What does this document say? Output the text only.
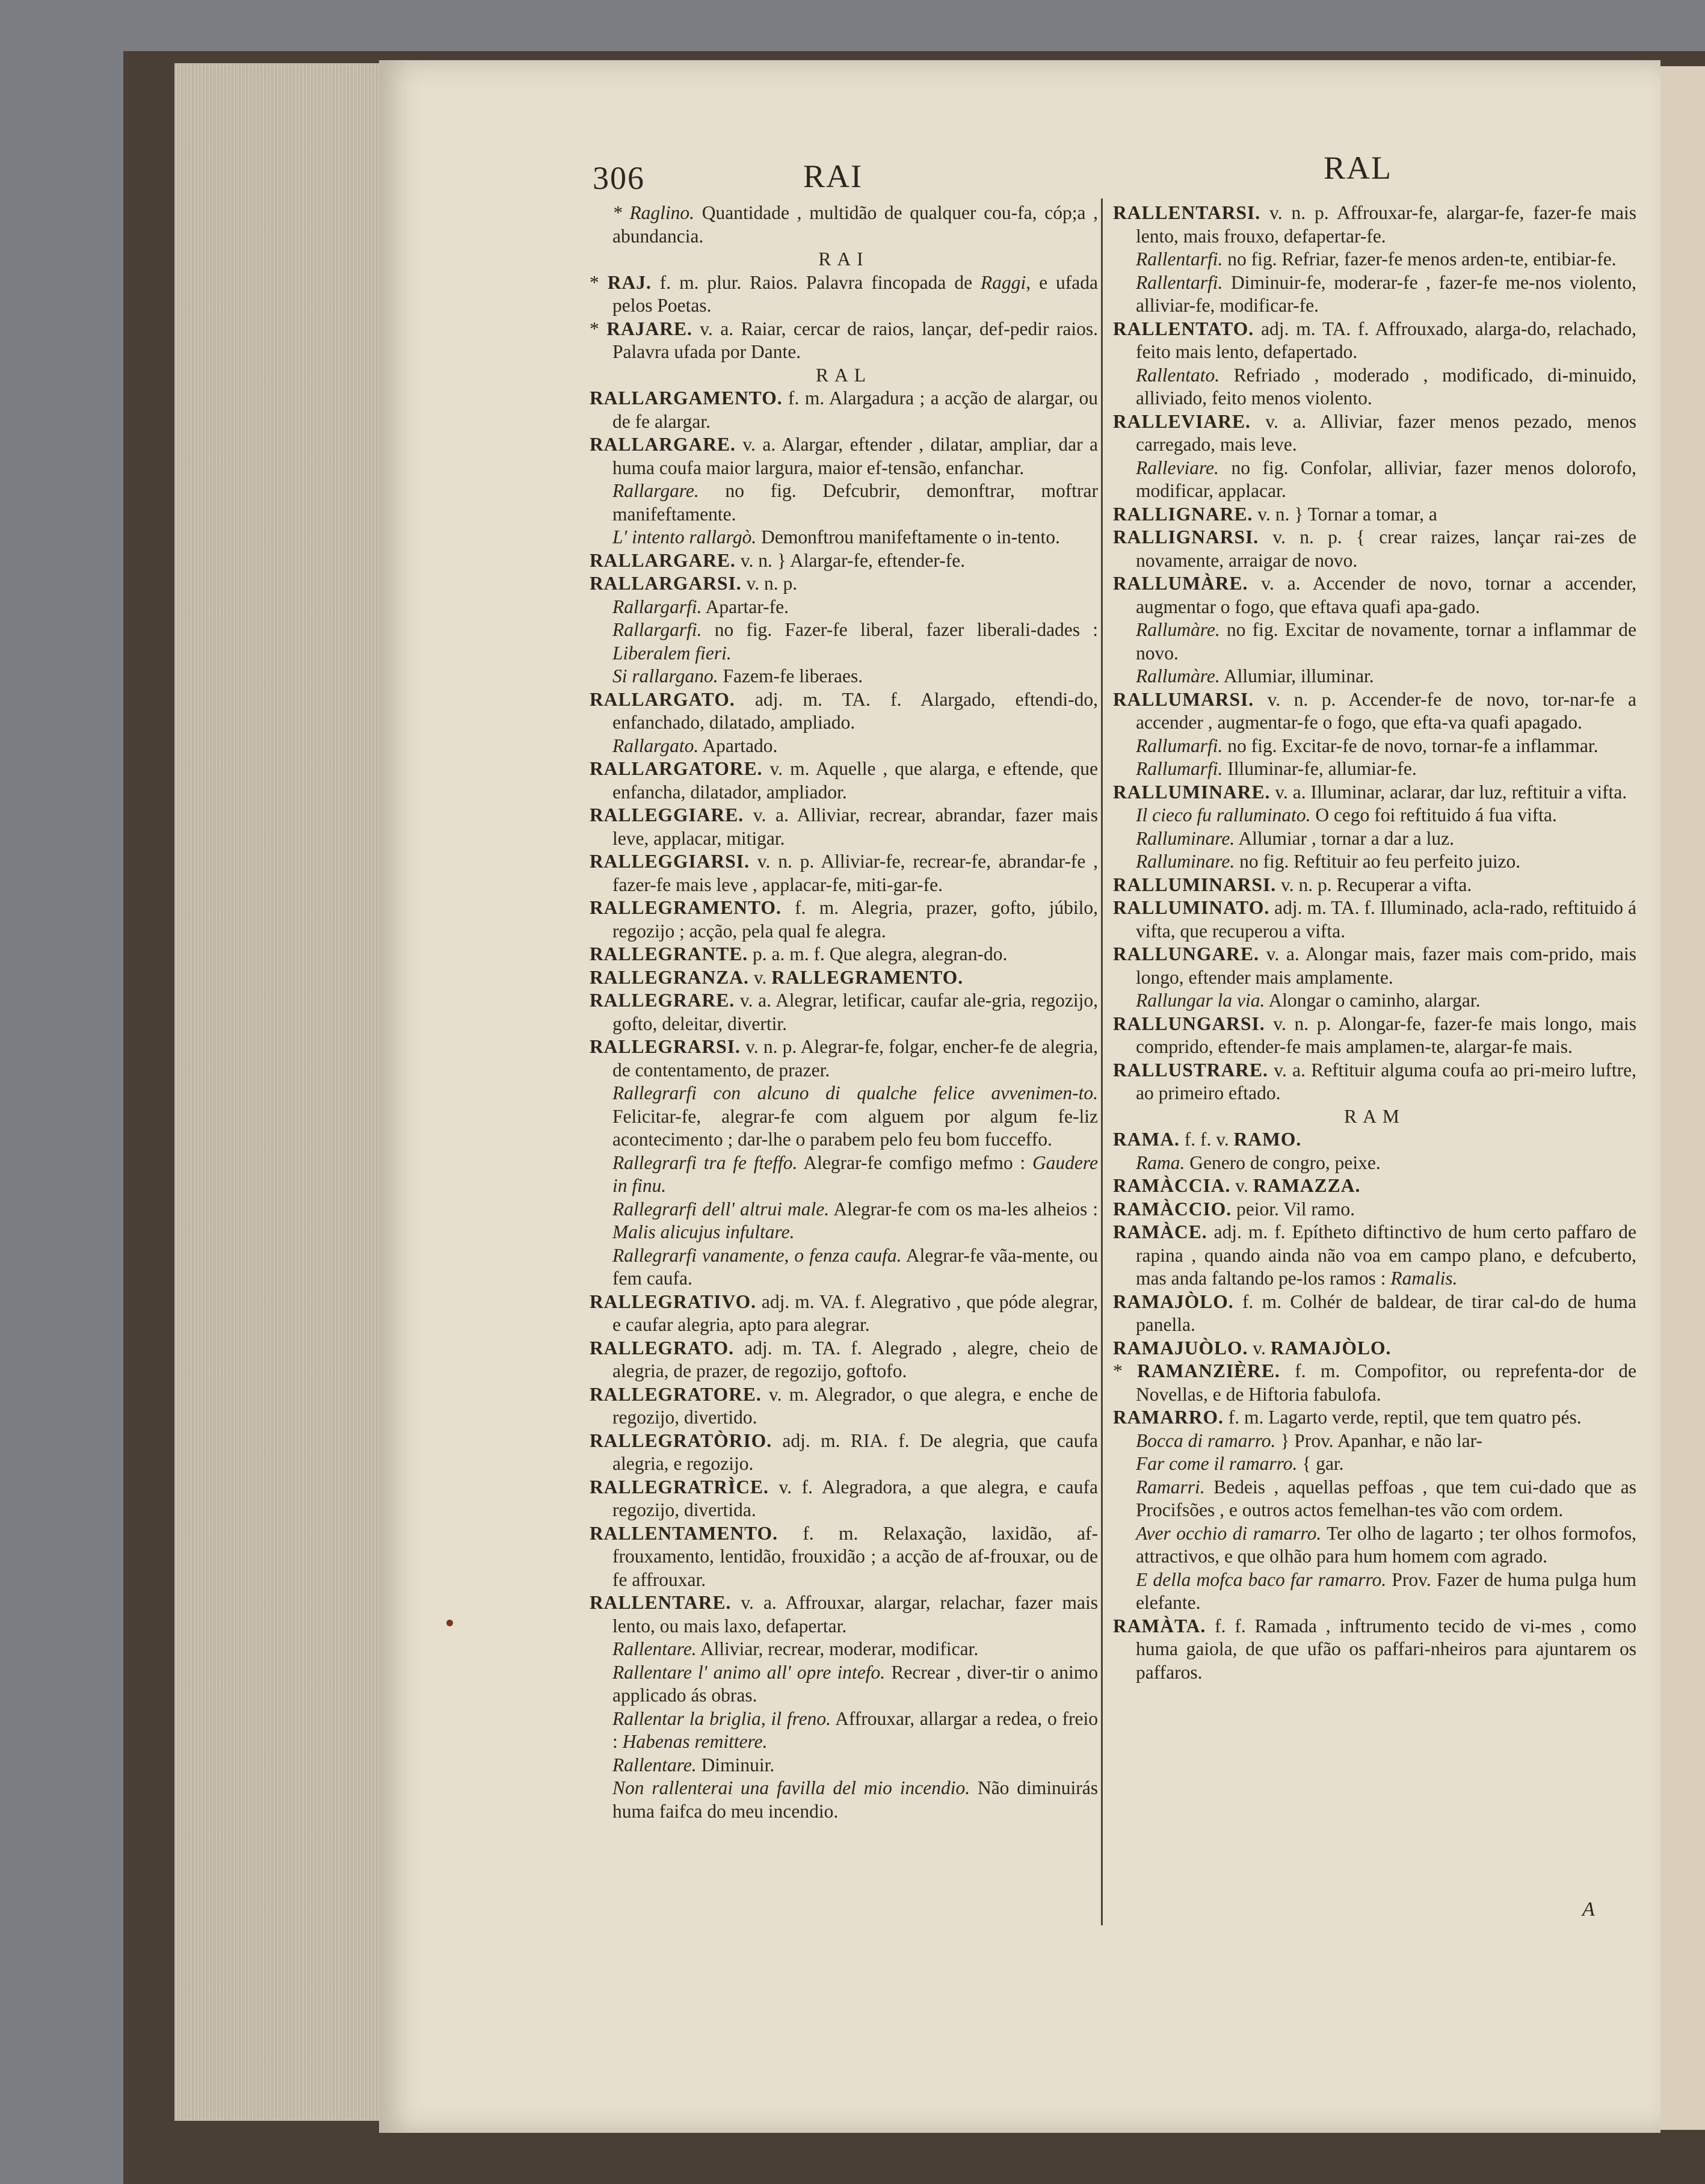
306	RAI	RAL

* Raglino. Quantidade , multidão de qualquer cou-fa, cóp;a , abundancia.

RAI

* RAJ. f. m. plur. Raios. Palavra fincopada de Raggi, e ufada pelos Poetas.

* RAJARE. v. a. Raiar, cercar de raios, lançar, def-pedir raios. Palavra ufada por Dante.

RAL

RALLARGAMENTO. f. m. Alargadura ; a acção de alargar, ou de fe alargar.

RALLARGARE. v. a. Alargar, eftender , dilatar, ampliar, dar a huma coufa maior largura, maior ef-tensão, enfanchar.

Rallargare. no fig. Defcubrir, demonftrar, moftrar manifeftamente.

L' intento rallargò. Demonftrou manifeftamente o in-tento.

RALLARGARE. v. n. } Alargar-fe, eftender-fe.

RALLARGARSI. v. n. p.

Rallargarfi. Apartar-fe.

Rallargarfi. no fig. Fazer-fe liberal, fazer liberali-dades : Liberalem fieri.

Si rallargano. Fazem-fe liberaes.

RALLARGATO. adj. m. TA. f. Alargado, eftendi-do, enfanchado, dilatado, ampliado.

Rallargato. Apartado.

RALLARGATORE. v. m. Aquelle , que alarga, e eftende, que enfancha, dilatador, ampliador.

RALLEGGIARE. v. a. Alliviar, recrear, abrandar, fazer mais leve, applacar, mitigar.

RALLEGGIARSI. v. n. p. Alliviar-fe, recrear-fe, abrandar-fe , fazer-fe mais leve , applacar-fe, miti-gar-fe.

RALLEGRAMENTO. f. m. Alegria, prazer, gofto, júbilo, regozijo ; acção, pela qual fe alegra.

RALLEGRANTE. p. a. m. f. Que alegra, alegran-do.

RALLEGRANZA. v. RALLEGRAMENTO.

RALLEGRARE. v. a. Alegrar, letificar, caufar ale-gria, regozijo, gofto, deleitar, divertir.

RALLEGRARSI. v. n. p. Alegrar-fe, folgar, encher-fe de alegria, de contentamento, de prazer.

Rallegrarfi con alcuno di qualche felice avvenimen-to. Felicitar-fe, alegrar-fe com alguem por algum fe-liz acontecimento ; dar-lhe o parabem pelo feu bom fucceffo.

Rallegrarfi tra fe fteffo. Alegrar-fe comfigo mefmo : Gaudere in finu.

Rallegrarfi dell' altrui male. Alegrar-fe com os ma-les alheios : Malis alicujus infultare.

Rallegrarfi vanamente, o fenza caufa. Alegrar-fe vãa-mente, ou fem caufa.

RALLEGRATIVO. adj. m. VA. f. Alegrativo , que póde alegrar, e caufar alegria, apto para alegrar.

RALLEGRATO. adj. m. TA. f. Alegrado , alegre, cheio de alegria, de prazer, de regozijo, goftofo.

RALLEGRATORE. v. m. Alegrador, o que alegra, e enche de regozijo, divertido.

RALLEGRATÒRIO. adj. m. RIA. f. De alegria, que caufa alegria, e regozijo.

RALLEGRATRÌCE. v. f. Alegradora, a que alegra, e caufa regozijo, divertida.

RALLENTAMENTO. f. m. Relaxação, laxidão, af-frouxamento, lentidão, frouxidão ; a acção de af-frouxar, ou de fe affrouxar.

RALLENTARE. v. a. Affrouxar, alargar, relachar, fazer mais lento, ou mais laxo, defapertar.

Rallentare. Alliviar, recrear, moderar, modificar.

Rallentare l' animo all' opre intefo. Recrear , diver-tir o animo applicado ás obras.

Rallentar la briglia, il freno. Affrouxar, allargar a redea, o freio : Habenas remittere.

Rallentare. Diminuir.

Non rallenterai una favilla del mio incendio. Não diminuirás huma faifca do meu incendio.

RALLENTARSI. v. n. p. Affrouxar-fe, alargar-fe, fazer-fe mais lento, mais frouxo, defapertar-fe.

Rallentarfi. no fig. Refriar, fazer-fe menos arden-te, entibiar-fe.

Rallentarfi. Diminuir-fe, moderar-fe , fazer-fe me-nos violento, alliviar-fe, modificar-fe.

RALLENTATO. adj. m. TA. f. Affrouxado, alarga-do, relachado, feito mais lento, defapertado.

Rallentato. Refriado , moderado , modificado, di-minuido, alliviado, feito menos violento.

RALLEVIARE. v. a. Alliviar, fazer menos pezado, menos carregado, mais leve.

Ralleviare. no fig. Confolar, alliviar, fazer menos dolorofo, modificar, applacar.

RALLIGNARE. v. n. } Tornar a tomar, a

RALLIGNARSI. v. n. p. { crear raizes, lançar rai-zes de novamente, arraigar de novo.

RALLUMÀRE. v. a. Accender de novo, tornar a accender, augmentar o fogo, que eftava quafi apa-gado.

Rallumàre. no fig. Excitar de novamente, tornar a inflammar de novo.

Rallumàre. Allumiar, illuminar.

RALLUMARSI. v. n. p. Accender-fe de novo, tor-nar-fe a accender , augmentar-fe o fogo, que efta-va quafi apagado.

Rallumarfi. no fig. Excitar-fe de novo, tornar-fe a inflammar.

Rallumarfi. Illuminar-fe, allumiar-fe.

RALLUMINARE. v. a. Illuminar, aclarar, dar luz, reftituir a vifta.

Il cieco fu ralluminato. O cego foi reftituido á fua vifta.

Ralluminare. Allumiar , tornar a dar a luz.

Ralluminare. no fig. Reftituir ao feu perfeito juizo.

RALLUMINARSI. v. n. p. Recuperar a vifta.

RALLUMINATO. adj. m. TA. f. Illuminado, acla-rado, reftituido á vifta, que recuperou a vifta.

RALLUNGARE. v. a. Alongar mais, fazer mais com-prido, mais longo, eftender mais amplamente.

Rallungar la via. Alongar o caminho, alargar.

RALLUNGARSI. v. n. p. Alongar-fe, fazer-fe mais longo, mais comprido, eftender-fe mais amplamen-te, alargar-fe mais.

RALLUSTRARE. v. a. Reftituir alguma coufa ao pri-meiro luftre, ao primeiro eftado.

RAM

RAMA. f. f. v. RAMO.

Rama. Genero de congro, peixe.

RAMÀCCIA. v. RAMAZZA.

RAMÀCCIO. peior. Vil ramo.

RAMÀCE. adj. m. f. Epítheto diftinctivo de hum certo paffaro de rapina , quando ainda não voa em campo plano, e defcuberto, mas anda faltando pe-los ramos : Ramalis.

RAMAJÒLO. f. m. Colhér de baldear, de tirar cal-do de huma panella.

RAMAJUÒLO. v. RAMAJÒLO.

* RAMANZIÈRE. f. m. Compofitor, ou reprefenta-dor de Novellas, e de Hiftoria fabulofa.

RAMARRO. f. m. Lagarto verde, reptil, que tem quatro pés.

Bocca di ramarro. } Prov. Apanhar, e não lar-

Far come il ramarro. { gar.

Ramarri. Bedeis , aquellas peffoas , que tem cui-dado que as Procifsões , e outros actos femelhan-tes vão com ordem.

Aver occhio di ramarro. Ter olho de lagarto ; ter olhos formofos, attractivos, e que olhão para hum homem com agrado.

E della mofca baco far ramarro. Prov. Fazer de huma pulga hum elefante.

RAMÀTA. f. f. Ramada , inftrumento tecido de vi-mes , como huma gaiola, de que ufão os paffari-nheiros para ajuntarem os paffaros.

A
